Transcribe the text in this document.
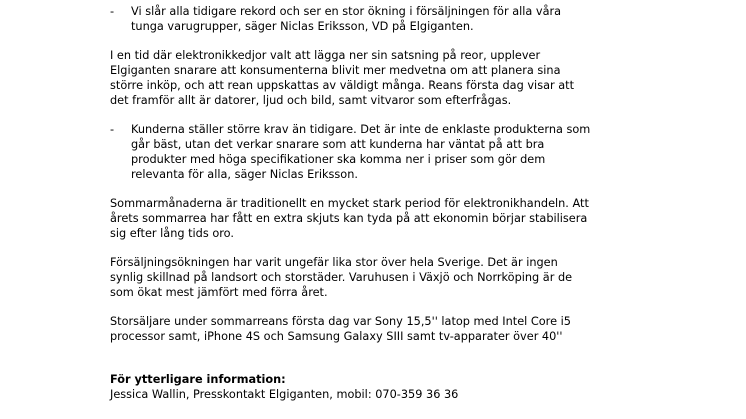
- Vi slår alla tidigare rekord och ser en stor ökning i försäljningen för alla våra

tunga varugrupper, säger Niclas Eriksson, VD på Elgiganten.

I en tid där elektronikkedjor valt att lägga ner sin satsning på reor, upplever

Elgiganten snarare att konsumenterna blivit mer medvetna om att planera sina

större inköp, och att rean uppskattas av väldigt många. Reans första dag visar att

det framför allt är datorer, ljud och bild, samt vitvaror som efterfrågas.

- Kunderna ställer större krav än tidigare. Det är inte de enklaste produkterna som

går bäst, utan det verkar snarare som att kunderna har väntat på att bra

produkter med höga specifikationer ska komma ner i priser som gör dem

relevanta för alla, säger Niclas Eriksson.

Sommarmånaderna är traditionellt en mycket stark period för elektronikhandeln. Att

årets sommarrea har fått en extra skjuts kan tyda på att ekonomin börjar stabilisera

sig efter lång tids oro.

Försäljningsökningen har varit ungefär lika stor över hela Sverige. Det är ingen

synlig skillnad på landsort och storstäder. Varuhusen i Växjö och Norrköping är de

som ökat mest jämfört med förra året.

Storsäljare under sommarreans första dag var Sony 15,5'' latop med Intel Core i5

processor samt, iPhone 4S och Samsung Galaxy SIII samt tv-apparater över 40''

För ytterligare information:

Jessica Wallin, Presskontakt Elgiganten, mobil: 070-359 36 36
